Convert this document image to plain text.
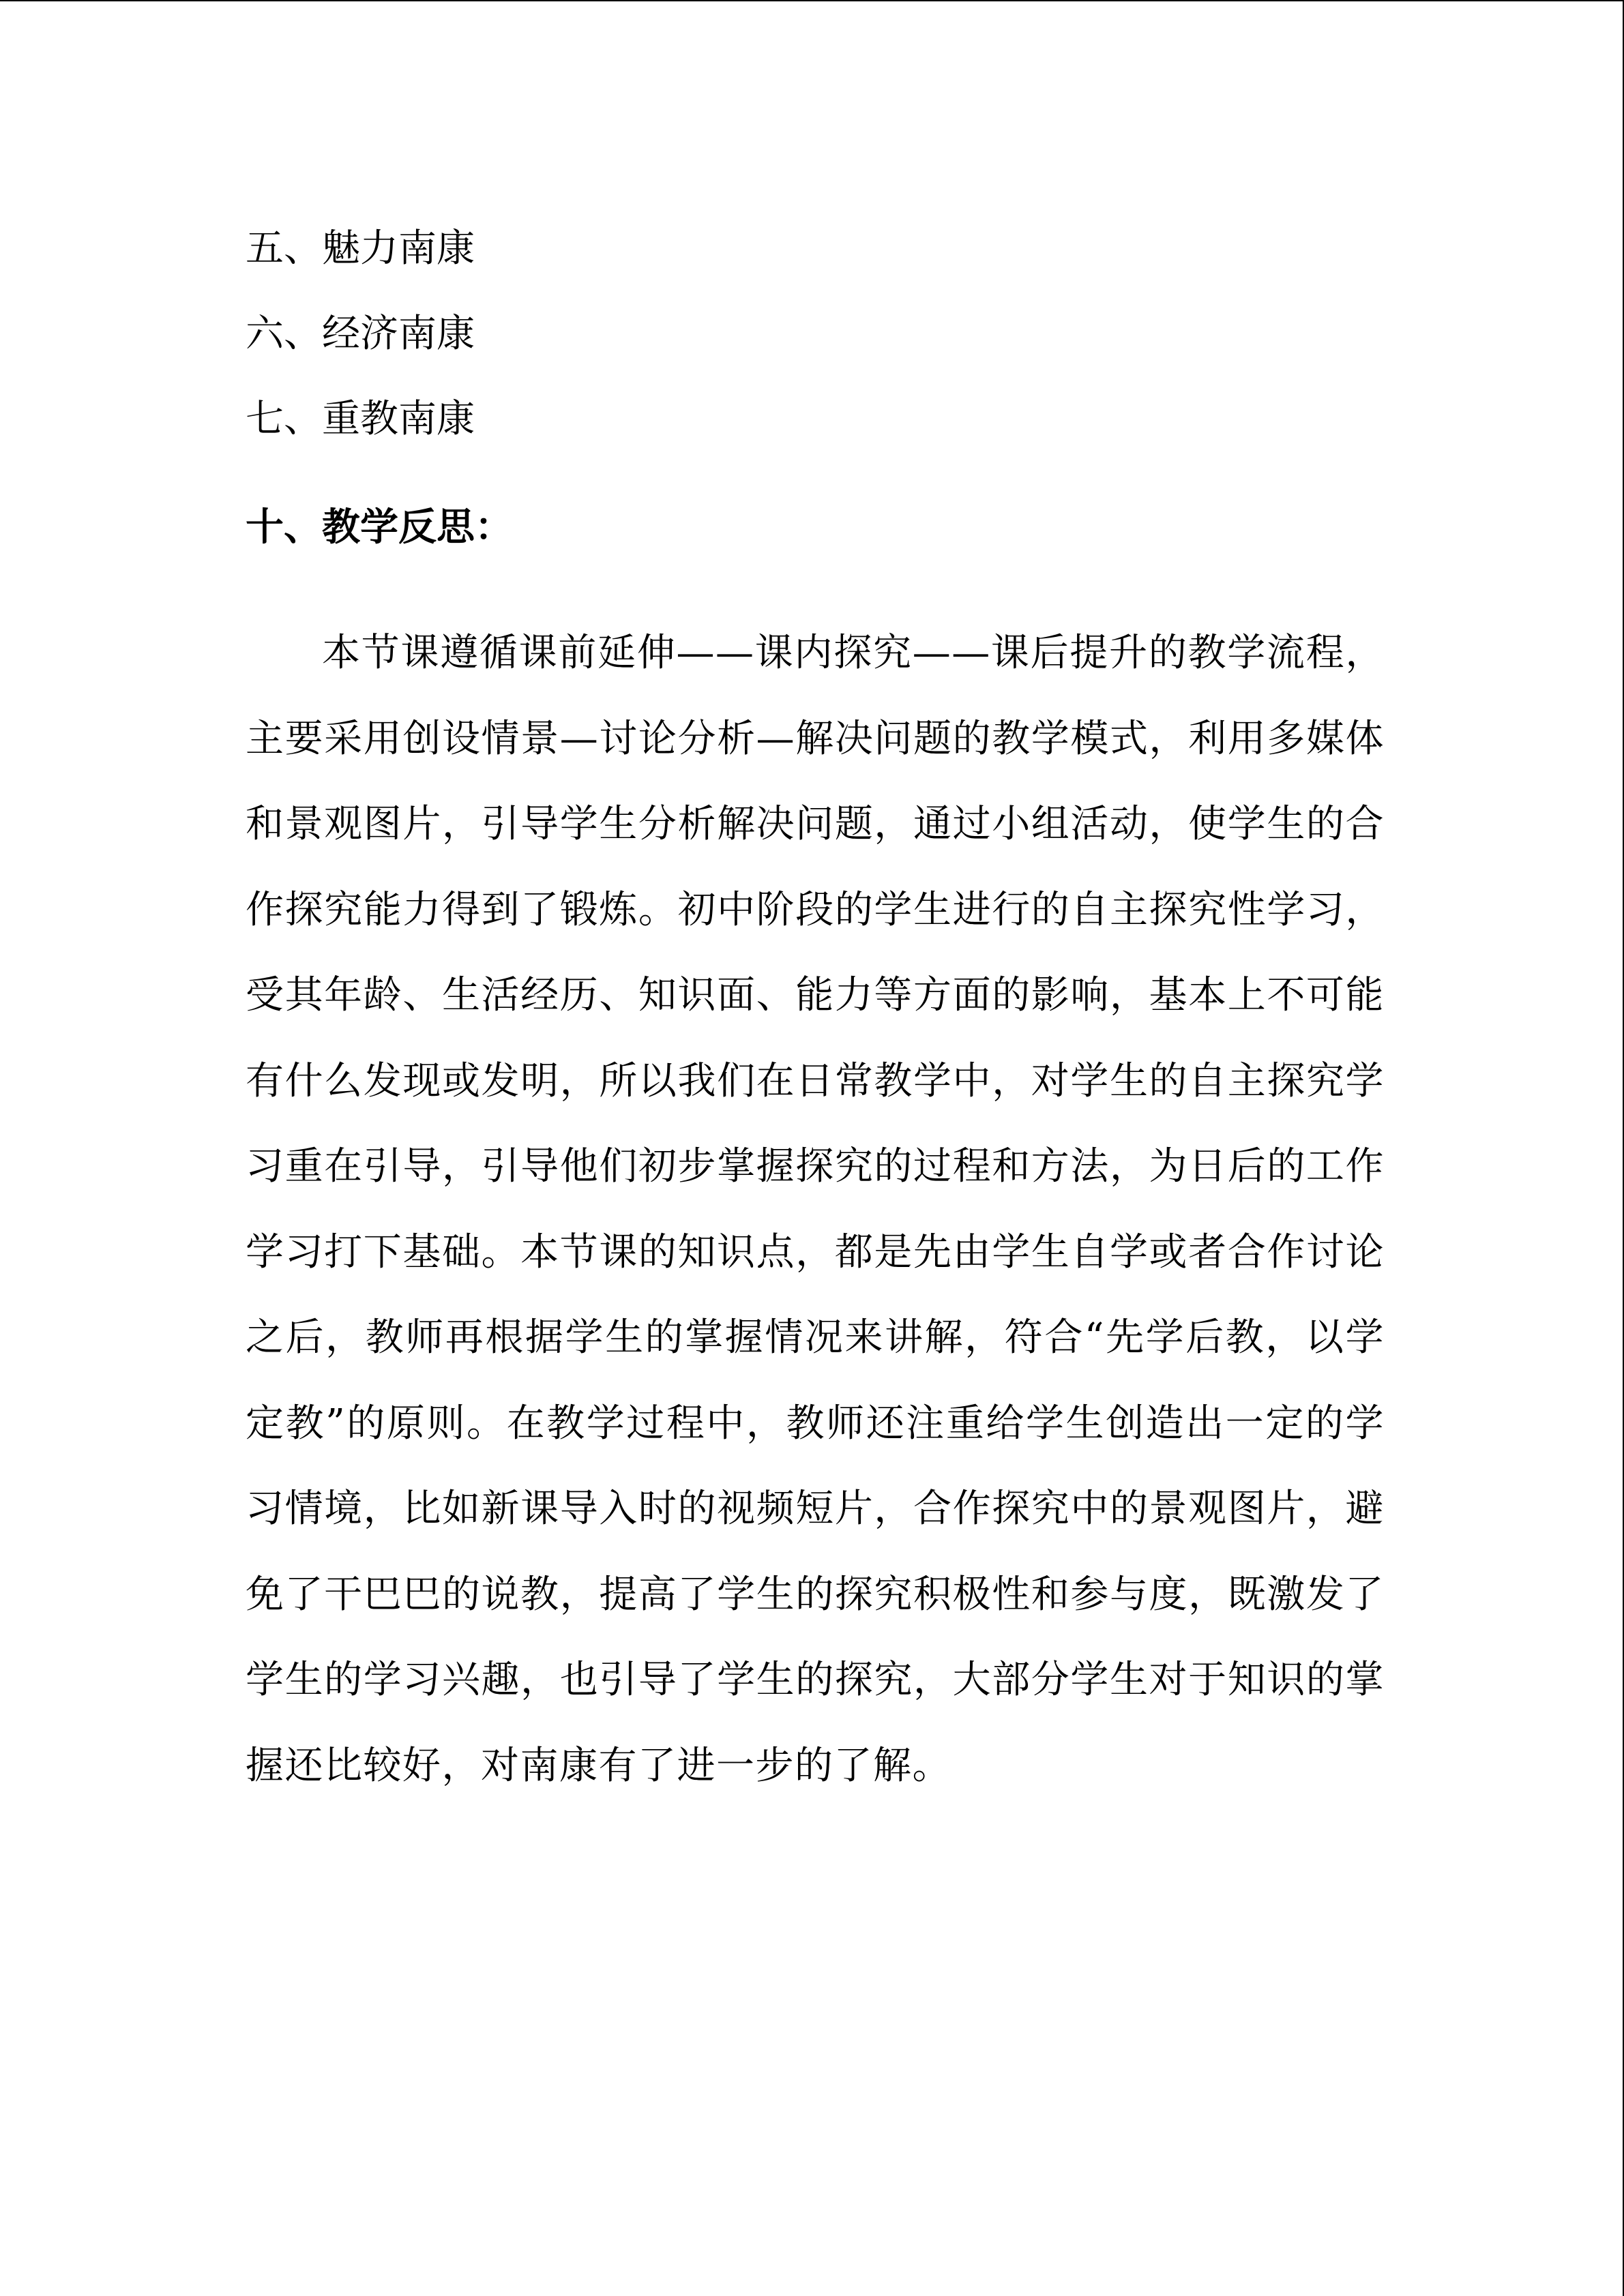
五、魅力南康
六、经济南康
七、重教南康
十、教学反思：

本节课遵循课前延伸——课内探究——课后提升的教学流程，主要采用创设情景—讨论分析—解决问题的教学模式，利用多媒体和景观图片，引导学生分析解决问题，通过小组活动，使学生的合作探究能力得到了锻炼。初中阶段的学生进行的自主探究性学习，受其年龄、生活经历、知识面、能力等方面的影响，基本上不可能有什么发现或发明，所以我们在日常教学中，对学生的自主探究学习重在引导，引导他们初步掌握探究的过程和方法，为日后的工作学习打下基础。本节课的知识点，都是先由学生自学或者合作讨论之后，教师再根据学生的掌握情况来讲解，符合“先学后教，以学定教”的原则。在教学过程中，教师还注重给学生创造出一定的学习情境，比如新课导入时的视频短片，合作探究中的景观图片，避免了干巴巴的说教，提高了学生的探究积极性和参与度，既激发了学生的学习兴趣，也引导了学生的探究，大部分学生对于知识的掌握还比较好，对南康有了进一步的了解。
